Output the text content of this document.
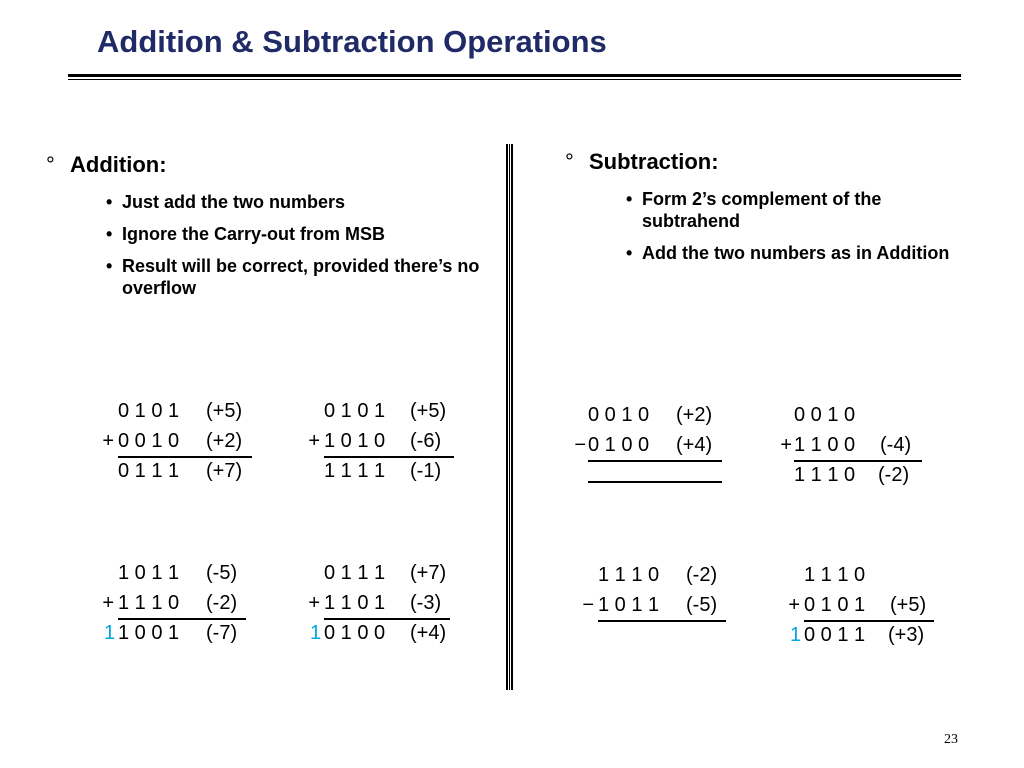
Addition & Subtraction Operations
° Addition:
• Just add the two numbers
• Ignore the Carry-out from MSB
• Result will be correct, provided there’s no overflow
0 1 0 1 (+5)
+ 0 0 1 0 (+2)
0 1 1 1 (+7)
0 1 0 1 (+5)
+ 1 0 1 0 (-6)
1 1 1 1 (-1)
1 0 1 1 (-5)
+ 1 1 1 0 (-2)
1 1 0 0 1 (-7)
0 1 1 1 (+7)
+ 1 1 0 1 (-3)
1 0 1 0 0 (+4)
° Subtraction:
• Form 2’s complement of the subtrahend
• Add the two numbers as in Addition
0 0 1 0 (+2)
− 0 1 0 0 (+4)
0 0 1 0
+ 1 1 0 0 (-4)
1 1 1 0 (-2)
1 1 1 0 (-2)
− 1 0 1 1 (-5)
1 1 1 0
+ 0 1 0 1 (+5)
1 0 0 1 1 (+3)
23
